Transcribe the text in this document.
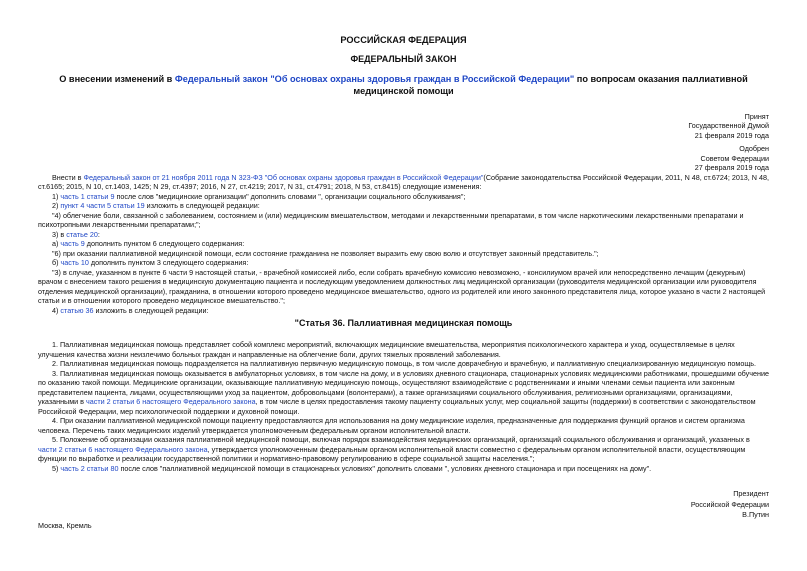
РОССИЙСКАЯ ФЕДЕРАЦИЯ
ФЕДЕРАЛЬНЫЙ ЗАКОН
О внесении изменений в Федеральный закон "Об основах охраны здоровья граждан в Российской Федерации" по вопросам оказания паллиативной медицинской помощи
Принят
Государственной Думой
21 февраля 2019 года
Одобрен
Советом Федерации
27 февраля 2019 года

Внести в Федеральный закон от 21 ноября 2011 года N 323-ФЗ "Об основах охраны здоровья граждан в Российской Федерации"(Собрание законодательства Российской Федерации, 2011, N 48, ст.6724; 2013, N 48, ст.6165; 2015, N 10, ст.1403, 1425; N 29, ст.4397; 2016, N 27, ст.4219; 2017, N 31, ст.4791; 2018, N 53, ст.8415) следующие изменения:

1) часть 1 статьи 9 после слов "медицинские организации" дополнить словами ", организации социального обслуживания";

2) пункт 4 части 5 статьи 19 изложить в следующей редакции:

"4) облегчение боли, связанной с заболеванием, состоянием и (или) медицинским вмешательством, методами и лекарственными препаратами, в том числе наркотическими лекарственными препаратами и психотропными лекарственными препаратами;";

3) в статье 20:

а) часть 9 дополнить пунктом 6 следующего содержания:

"6) при оказании паллиативной медицинской помощи, если состояние гражданина не позволяет выразить ему свою волю и отсутствует законный представитель.";

б) часть 10 дополнить пунктом 3 следующего содержания:

"3) в случае, указанном в пункте 6 части 9 настоящей статьи, - врачебной комиссией либо, если собрать врачебную комиссию невозможно, - консилиумом врачей или непосредственно лечащим (дежурным) врачом с внесением такого решения в медицинскую документацию пациента и последующим уведомлением должностных лиц медицинской организации (руководителя медицинской организации или руководителя отделения медицинской организации), гражданина, в отношении которого проведено медицинское вмешательство, одного из родителей или иного законного представителя лица, которое указано в части 2 настоящей статьи и в отношении которого проведено медицинское вмешательство.";

4) статью 36 изложить в следующей редакции:

"Статья 36. Паллиативная медицинская помощь

1. Паллиативная медицинская помощь представляет собой комплекс мероприятий, включающих медицинские вмешательства, мероприятия психологического характера и уход, осуществляемые в целях улучшения качества жизни неизлечимо больных граждан и направленные на облегчение боли, других тяжелых проявлений заболевания.

2. Паллиативная медицинская помощь подразделяется на паллиативную первичную медицинскую помощь, в том числе доврачебную и врачебную, и паллиативную специализированную медицинскую помощь.

3. Паллиативная медицинская помощь оказывается в амбулаторных условиях, в том числе на дому, и в условиях дневного стационара, стационарных условиях медицинскими работниками, прошедшими обучение по оказанию такой помощи. Медицинские организации, оказывающие паллиативную медицинскую помощь, осуществляют взаимодействие с родственниками и иными членами семьи пациента или законным представителем пациента, лицами, осуществляющими уход за пациентом, добровольцами (волонтерами), а также организациями социального обслуживания, религиозными организациями, организациями, указанными в части 2 статьи 6 настоящего Федерального закона, в том числе в целях предоставления такому пациенту социальных услуг, мер социальной защиты (поддержки) в соответствии с законодательством Российской Федерации, мер психологической поддержки и духовной помощи.

4. При оказании паллиативной медицинской помощи пациенту предоставляются для использования на дому медицинские изделия, предназначенные для поддержания функций органов и систем организма человека. Перечень таких медицинских изделий утверждается уполномоченным федеральным органом исполнительной власти.

5. Положение об организации оказания паллиативной медицинской помощи, включая порядок взаимодействия медицинских организаций, организаций социального обслуживания и организаций, указанных в части 2 статьи 6 настоящего Федерального закона, утверждается уполномоченным федеральным органом исполнительной власти совместно с федеральным органом исполнительной власти, осуществляющим функции по выработке и реализации государственной политики и нормативно-правовому регулированию в сфере социальной защиты населения.";

5) часть 2 статьи 80 после слов "паллиативной медицинской помощи в стационарных условиях" дополнить словами ", условиях дневного стационара и при посещениях на дому".

Президент
Российской Федерации
В.Путин
Москва, Кремль
